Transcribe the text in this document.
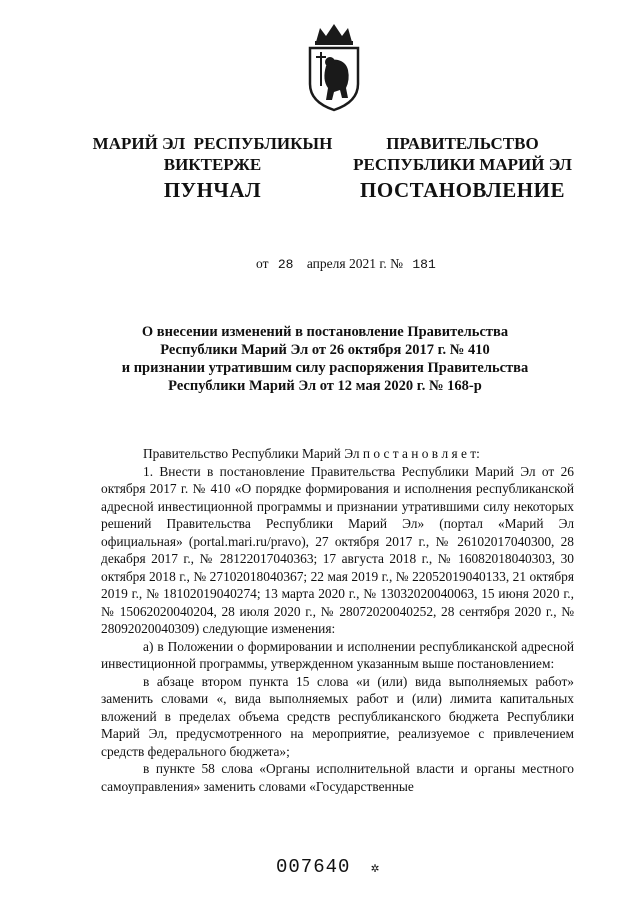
МАРИЙ ЭЛ  РЕСПУБЛИКЫН
ВИКТЕРЖЕ
ПУНЧАЛ
ПРАВИТЕЛЬСТВО
РЕСПУБЛИКИ МАРИЙ ЭЛ
ПОСТАНОВЛЕНИЕ
от 28 апреля 2021 г. № 181
О внесении изменений в постановление Правительства
Республики Марий Эл от 26 октября 2017 г. № 410
и признании утратившим силу распоряжения Правительства
Республики Марий Эл от 12 мая 2020 г. № 168-р

Правительство Республики Марий Эл п о с т а н о в л я е т:

1. Внести в постановление Правительства Республики Марий Эл от 26 октября 2017 г. № 410 «О порядке формирования и исполнения республиканской адресной инвестиционной программы и признании утратившими силу некоторых решений Правительства Республики Марий Эл» (портал «Марий Эл официальная» (portal.mari.ru/pravo), 27 октября 2017 г., № 26102017040300, 28 декабря 2017 г., № 28122017040363; 17 августа 2018 г., № 16082018040303, 30 октября 2018 г., № 27102018040367; 22 мая 2019 г., № 22052019040133, 21 октября 2019 г., № 18102019040274; 13 марта 2020 г., № 13032020040063, 15 июня 2020 г., № 15062020040204, 28 июля 2020 г., № 28072020040252, 28 сентября 2020 г., № 28092020040309) следующие изменения:

а) в Положении о формировании и исполнении республиканской адресной инвестиционной программы, утвержденном указанным выше постановлением:

в абзаце втором пункта 15 слова «и (или) вида выполняемых работ» заменить словами «, вида выполняемых работ и (или) лимита капитальных вложений в пределах объема средств республиканского бюджета Республики Марий Эл, предусмотренного на мероприятие, реализуемое с привлечением средств федерального бюджета»;

в пункте 58 слова «Органы исполнительной власти и органы местного самоуправления» заменить словами «Государственные

007640 ✲
